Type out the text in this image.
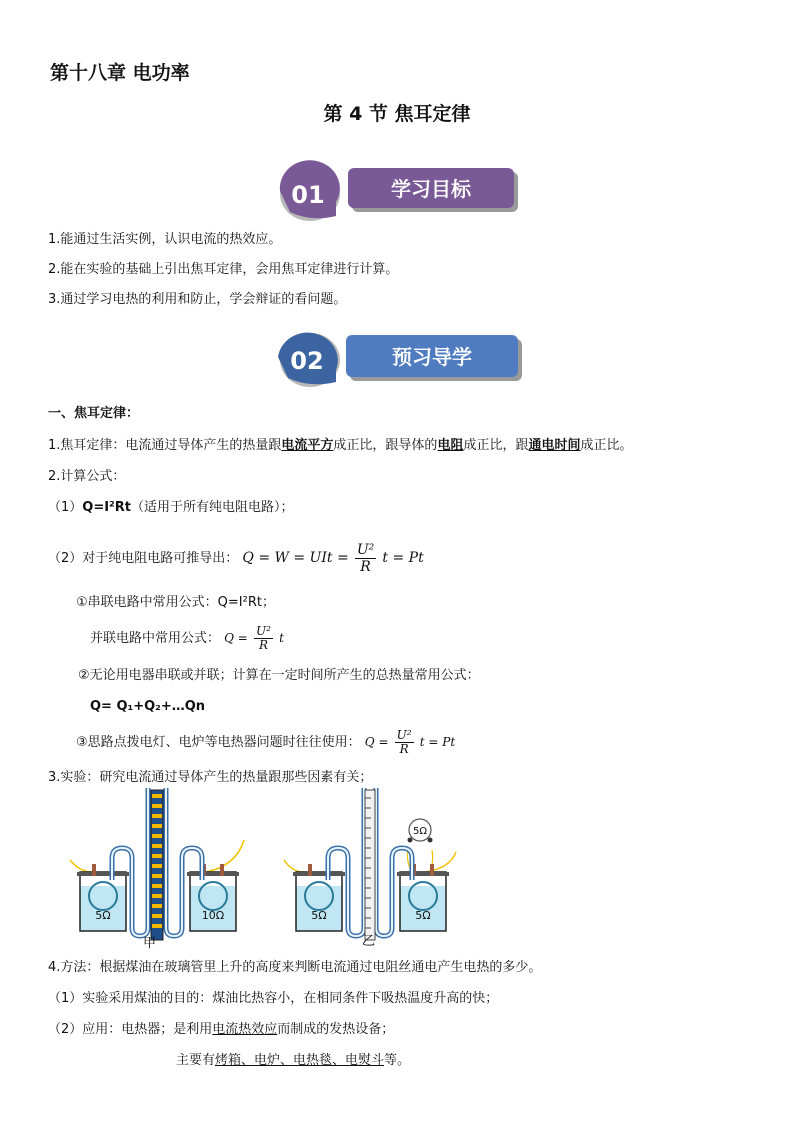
第十八章 电功率
第 4 节 焦耳定律
01	学习目标
1.能通过生活实例，认识电流的热效应。
2.能在实验的基础上引出焦耳定律，会用焦耳定律进行计算。
3.通过学习电热的利用和防止，学会辩证的看问题。
02	预习导学
一、焦耳定律：
1.焦耳定律：电流通过导体产生的热量跟电流平方成正比，跟导体的电阻成正比，跟通电时间成正比。
2.计算公式：
（1）Q=I²Rt（适用于所有纯电阻电路）；
（2）对于纯电阻电路可推导出： Q = W = UIt = $\frac{\text{U²}}{R}$ t = Pt
①串联电路中常用公式：Q=I²Rt；
并联电路中常用公式： $Q = \frac{\text{U²}}{R}$ t
②无论用电器串联或并联；计算在一定时间所产生的总热量常用公式：
Q= Q₁+Q₂+…Qn
③思路点拨电灯、电炉等电热器问题时往往使用： $Q = \frac{\text{U²}}{R}$ t = Pt
3.实验：研究电流通过导体产生的热量跟那些因素有关；
5Ω	10Ω
5Ω
5Ω	5Ω
甲	乙
4.方法：根据煤油在玻璃管里上升的高度来判断电流通过电阻丝通电产生电热的多少。
（1）实验采用煤油的目的：煤油比热容小，在相同条件下吸热温度升高的快；
（2）应用：电热器；是利用电流热效应而制成的发热设备；
主要有烤箱、电炉、电热毯、电熨斗等。
